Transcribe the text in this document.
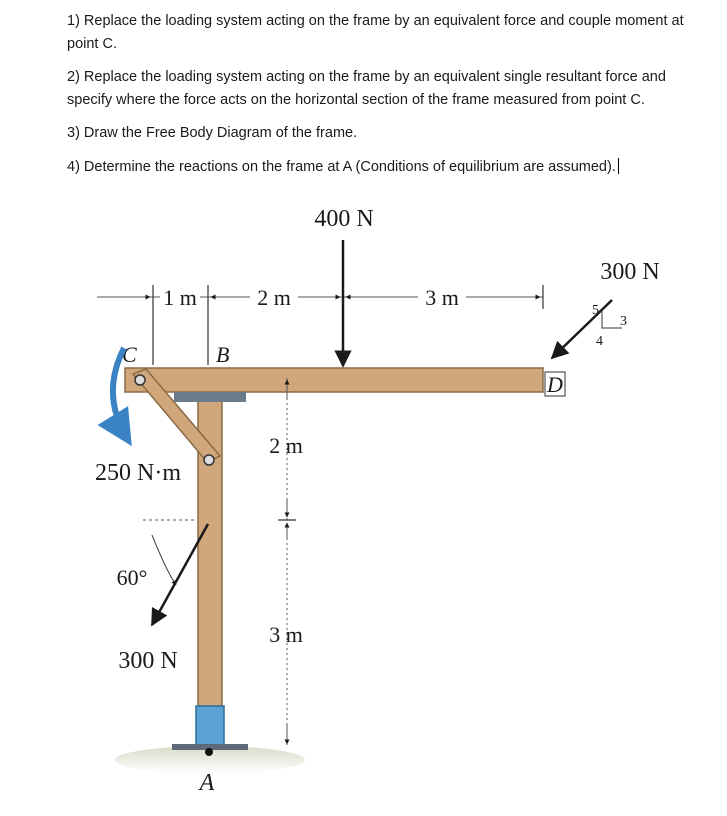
1) Replace the loading system acting on the frame by an equivalent force and couple moment at point C.
2) Replace the loading system acting on the frame by an equivalent single resultant force and specify where the force acts on the horizontal section of the frame measured from point C.
3) Draw the Free Body Diagram of the frame.
4) Determine the reactions on the frame at A (Conditions of equilibrium are assumed).
1 m	2 m	3 m
400 N
300 N
5
3
4
C	B
D
A
250 N·m
2 m
3 m
60°
300 N
